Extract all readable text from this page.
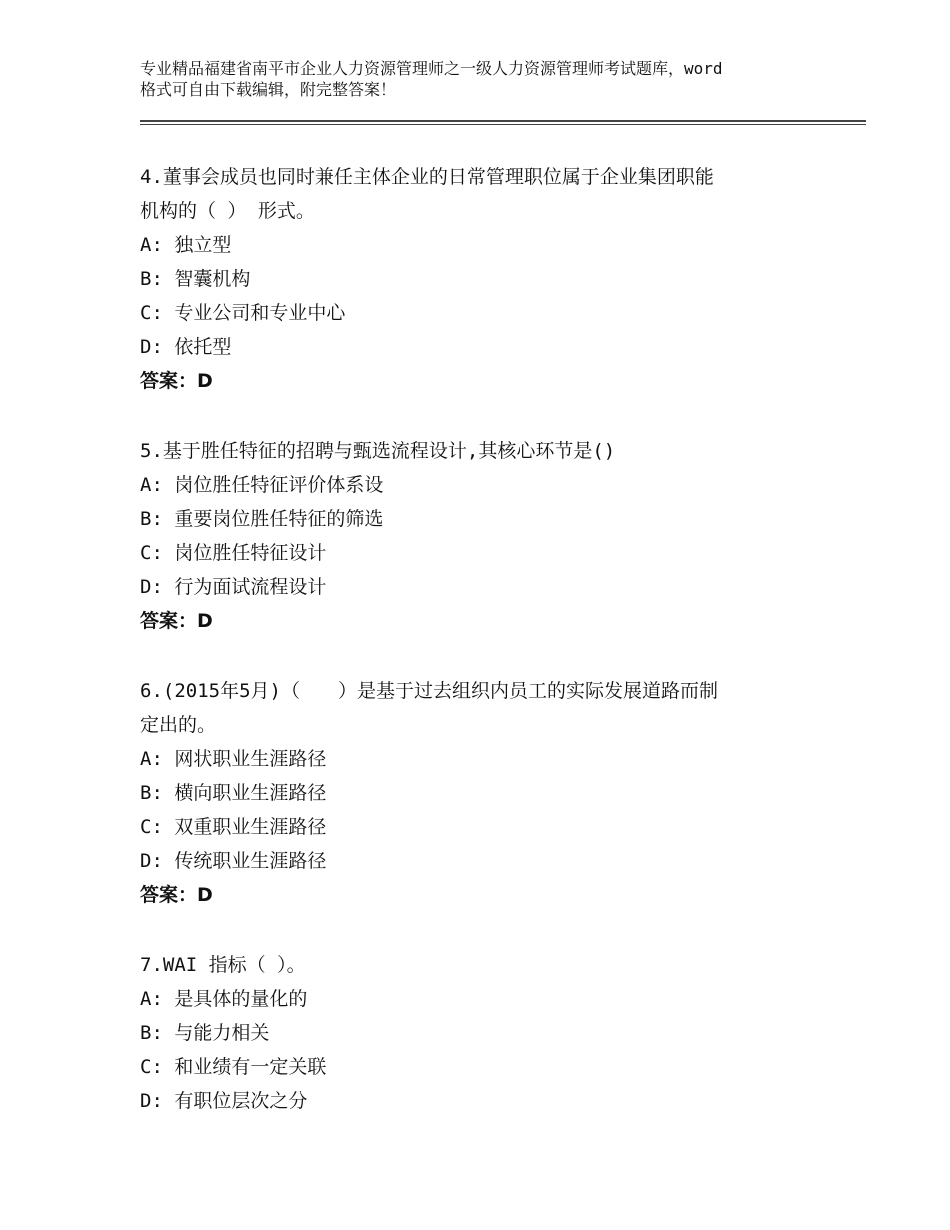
专业精品福建省南平市企业人力资源管理师之一级人力资源管理师考试题库，word
格式可自由下载编辑，附完整答案！
4.董事会成员也同时兼任主体企业的日常管理职位属于企业集团职能
机构的（ ） 形式。
A: 独立型
B: 智囊机构
C: 专业公司和专业中心
D: 依托型
答案：D
5.基于胜任特征的招聘与甄选流程设计,其核心环节是()
A: 岗位胜任特征评价体系设
B: 重要岗位胜任特征的筛选
C: 岗位胜任特征设计
D: 行为面试流程设计
答案：D
6.(2015年5月)（　　）是基于过去组织内员工的实际发展道路而制
定出的。
A: 网状职业生涯路径
B: 横向职业生涯路径
C: 双重职业生涯路径
D: 传统职业生涯路径
答案：D
7.WAI 指标（ ）。
A: 是具体的量化的
B: 与能力相关
C: 和业绩有一定关联
D: 有职位层次之分
